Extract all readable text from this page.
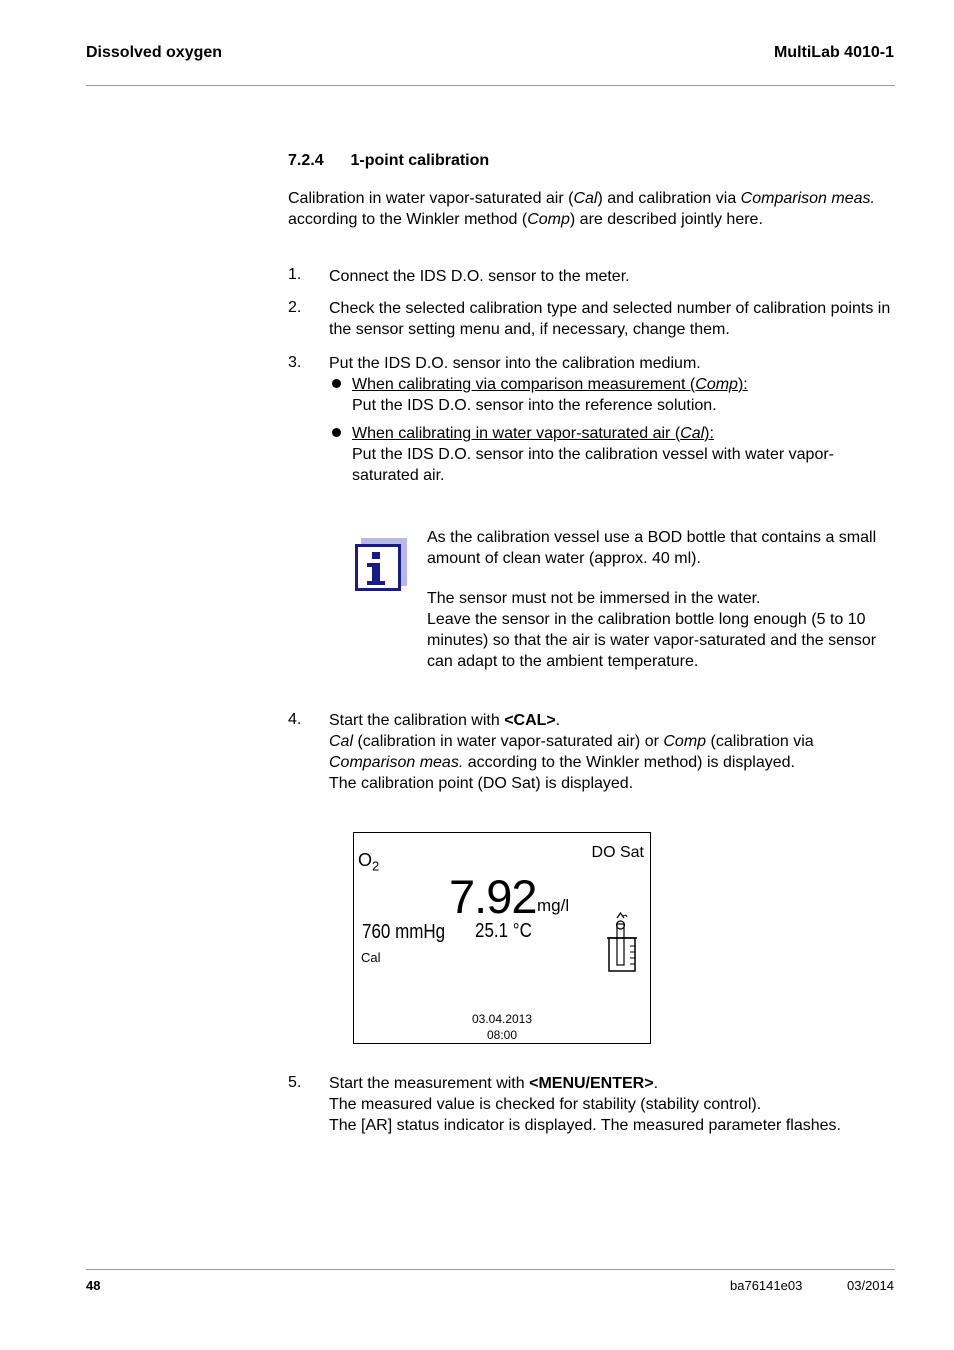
Dissolved oxygen	MultiLab 4010-1
7.2.4 1-point calibration
Calibration in water vapor-saturated air (Cal) and calibration via Comparison meas. according to the Winkler method (Comp) are described jointly here.
1. Connect the IDS D.O. sensor to the meter.
2. Check the selected calibration type and selected number of calibration points in the sensor setting menu and, if necessary, change them.
3. Put the IDS D.O. sensor into the calibration medium.
When calibrating via comparison measurement (Comp):
Put the IDS D.O. sensor into the reference solution.
When calibrating in water vapor-saturated air (Cal):
Put the IDS D.O. sensor into the calibration vessel with water vapor-saturated air.
As the calibration vessel use a BOD bottle that contains a small amount of clean water (approx. 40 ml).
The sensor must not be immersed in the water.
Leave the sensor in the calibration bottle long enough (5 to 10 minutes) so that the air is water vapor-saturated and the sensor can adapt to the ambient temperature.
4. Start the calibration with <CAL>.
Cal (calibration in water vapor-saturated air) or Comp (calibration via
Comparison meas. according to the Winkler method) is displayed.
The calibration point (DO Sat) is displayed.
$O_2$
DO Sat
7.92 mg/l
760 mmHg 25.1 °C
Cal
03.04.2013
08:00
5. Start the measurement with <MENU/ENTER>.
The measured value is checked for stability (stability control).
The [AR] status indicator is displayed. The measured parameter flashes.
48	ba76141e03	03/2014
